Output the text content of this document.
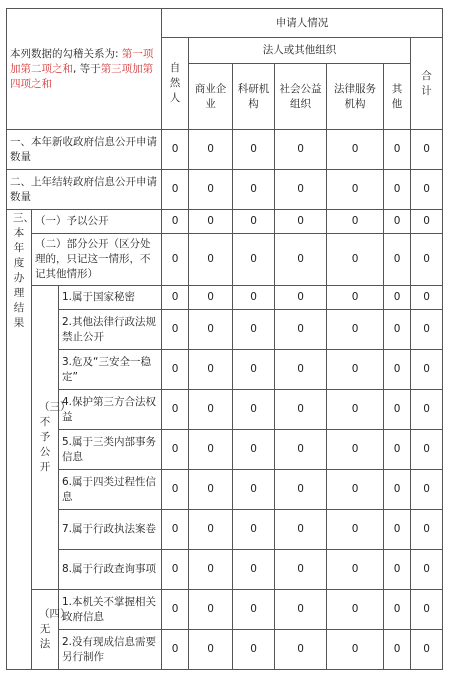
本列数据的勾稽关系为: 第一项加第二项之和, 等于第三项加第四项之和			申请人情况						
			自然人	法人或其他组织					合计
				商业企业	科研机构	社会公益组织	法律服务机构	其他	
一、本年新收政府信息公开申请数量			0	0	0	0	0	0	0
二、上年结转政府信息公开申请数量			0	0	0	0	0	0	0
三、本年度办理结果	（一）予以公开		0	0	0	0	0	0	0
	（二）部分公开（区分处理的，只记这一情形，不记其他情形）		0	0	0	0	0	0	0
	（三）不予公开	1.属于国家秘密	0	0	0	0	0	0	0
		2.其他法律行政法规禁止公开	0	0	0	0	0	0	0
		3.危及“三安全一稳定”	0	0	0	0	0	0	0
		4.保护第三方合法权益	0	0	0	0	0	0	0
		5.属于三类内部事务信息	0	0	0	0	0	0	0
		6.属于四类过程性信息	0	0	0	0	0	0	0
		7.属于行政执法案卷	0	0	0	0	0	0	0
		8.属于行政查询事项	0	0	0	0	0	0	0
	（四）无法	1.本机关不掌握相关政府信息	0	0	0	0	0	0	0
		2.没有现成信息需要另行制作	0	0	0	0	0	0	0
